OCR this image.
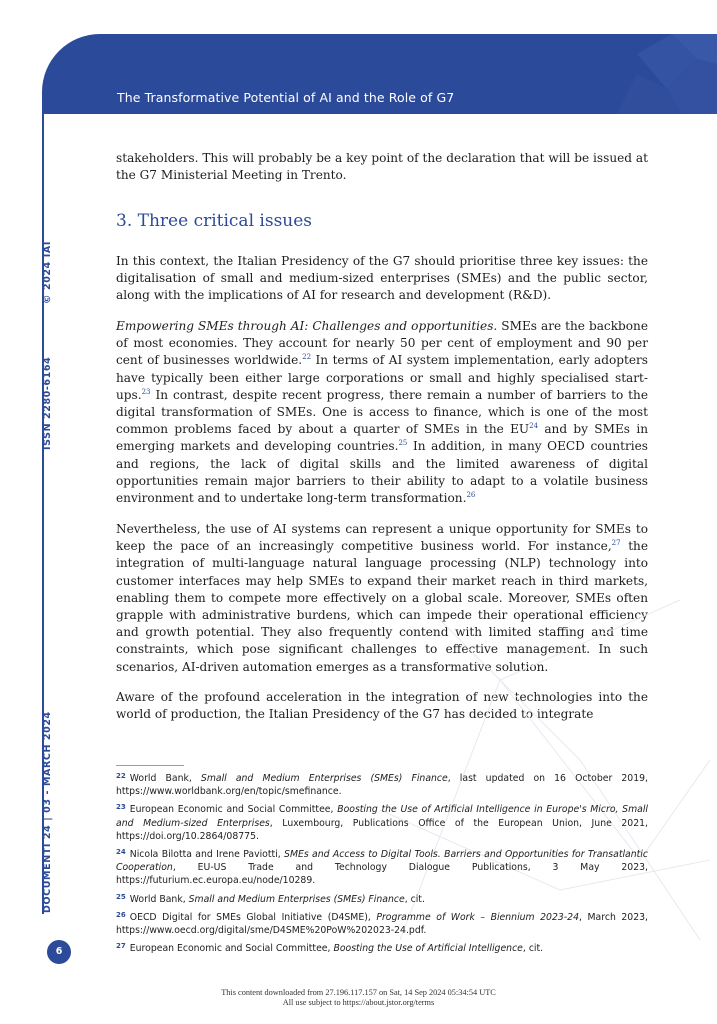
The Transformative Potential of AI and the Role of G7
© 2024 IAI
ISSN 2280-6164
DOCUMENTI 24 | 03 - MARCH 2024
stakeholders. This will probably be a key point of the declaration that will be issued at the G7 Ministerial Meeting in Trento.
3. Three critical issues
In this context, the Italian Presidency of the G7 should prioritise three key issues: the digitalisation of small and medium-sized enterprises (SMEs) and the public sector, along with the implications of AI for research and development (R&D).
Empowering SMEs through AI: Challenges and opportunities. SMEs are the backbone of most economies. They account for nearly 50 per cent of employment and 90 per cent of businesses worldwide.$^{22}$ In terms of AI system implementation, early adopters have typically been either large corporations or small and highly specialised start-ups.$^{23}$ In contrast, despite recent progress, there remain a number of barriers to the digital transformation of SMEs. One is access to finance, which is one of the most common problems faced by about a quarter of SMEs in the EU$^{24}$ and by SMEs in emerging markets and developing countries.$^{25}$ In addition, in many OECD countries and regions, the lack of digital skills and the limited awareness of digital opportunities remain major barriers to their ability to adapt to a volatile business environment and to undertake long-term transformation.$^{26}$
Nevertheless, the use of AI systems can represent a unique opportunity for SMEs to keep the pace of an increasingly competitive business world. For instance,$^{27}$ the integration of multi-language natural language processing (NLP) technology into customer interfaces may help SMEs to expand their market reach in third markets, enabling them to compete more effectively on a global scale. Moreover, SMEs often grapple with administrative burdens, which can impede their operational efficiency and growth potential. They also frequently contend with limited staffing and time constraints, which pose significant challenges to effective management. In such scenarios, AI-driven automation emerges as a transformative solution.
Aware of the profound acceleration in the integration of new technologies into the world of production, the Italian Presidency of the G7 has decided to integrate
$^{22}$ World Bank, Small and Medium Enterprises (SMEs) Finance, last updated on 16 October 2019, https://www.worldbank.org/en/topic/smefinance.
$^{23}$ European Economic and Social Committee, Boosting the Use of Artificial Intelligence in Europe's Micro, Small and Medium-sized Enterprises, Luxembourg, Publications Office of the European Union, June 2021, https://doi.org/10.2864/08775.
$^{24}$ Nicola Bilotta and Irene Paviotti, SMEs and Access to Digital Tools. Barriers and Opportunities for Transatlantic Cooperation, EU-US Trade and Technology Dialogue Publications, 3 May 2023, https://futurium.ec.europa.eu/node/10289.
$^{25}$ World Bank, Small and Medium Enterprises (SMEs) Finance, cit.
$^{26}$ OECD Digital for SMEs Global Initiative (D4SME), Programme of Work – Biennium 2023-24, March 2023, https://www.oecd.org/digital/sme/D4SME%20PoW%202023-24.pdf.
$^{27}$ European Economic and Social Committee, Boosting the Use of Artificial Intelligence, cit.
6
This content downloaded from 27.196.117.157 on Sat, 14 Sep 2024 05:34:54 UTC
All use subject to https://about.jstor.org/terms
